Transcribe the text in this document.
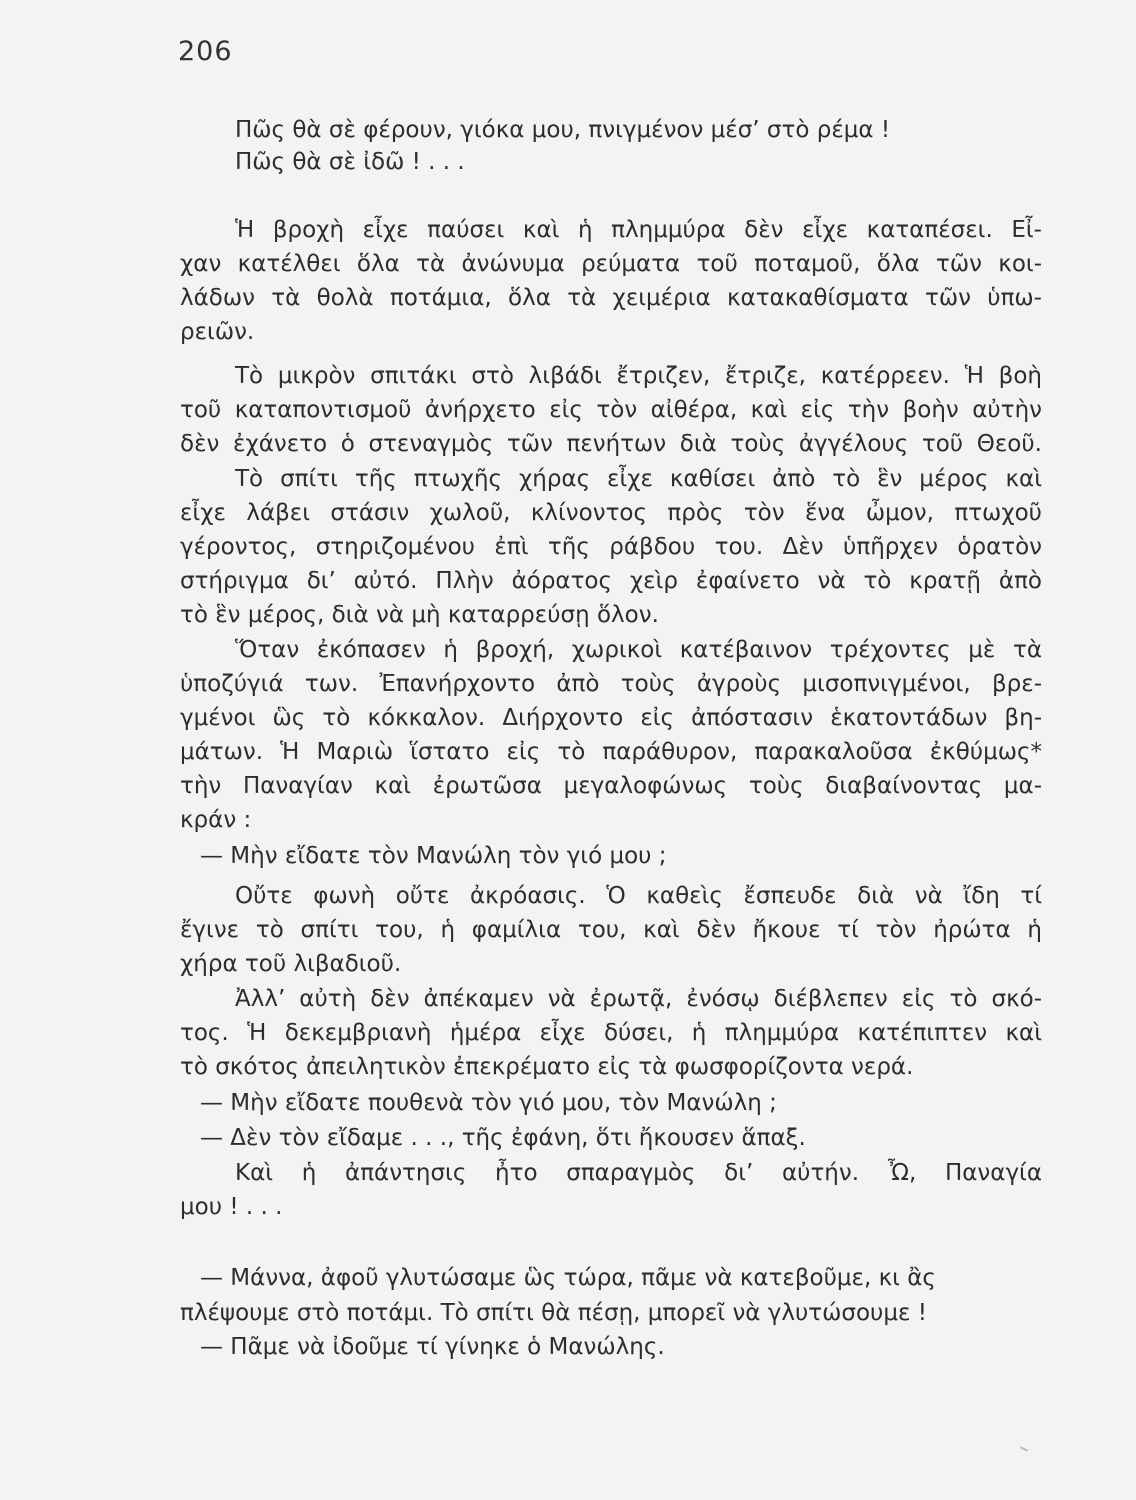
206
Πῶς θὰ σὲ φέρουν, γιόκα μου, πνιγμένον μέσ’ στὸ ρέμα !
Πῶς θὰ σὲ ἰδῶ ! . . .
Ἡ βροχὴ εἶχε παύσει καὶ ἡ πλημμύρα δὲν εἶχε καταπέσει. Εἶ-
χαν κατέλθει ὅλα τὰ ἀνώνυμα ρεύματα τοῦ ποταμοῦ, ὅλα τῶν κοι-
λάδων τὰ θολὰ ποτάμια, ὅλα τὰ χειμέρια κατακαθίσματα τῶν ὑπω-
ρειῶν.
Τὸ μικρὸν σπιτάκι στὸ λιβάδι ἔτριζεν, ἔτριζε, κατέρρεεν. Ἡ βοὴ
τοῦ καταποντισμοῦ ἀνήρχετο εἰς τὸν αἰθέρα, καὶ εἰς τὴν βοὴν αὐτὴν
δὲν ἐχάνετο ὁ στεναγμὸς τῶν πενήτων διὰ τοὺς ἀγγέλους τοῦ Θεοῦ.
Τὸ σπίτι τῆς πτωχῆς χήρας εἶχε καθίσει ἀπὸ τὸ ἓν μέρος καὶ
εἶχε λάβει στάσιν χωλοῦ, κλίνοντος πρὸς τὸν ἕνα ὦμον, πτωχοῦ
γέροντος, στηριζομένου ἐπὶ τῆς ράβδου του. Δὲν ὑπῆρχεν ὁρατὸν
στήριγμα δι’ αὐτό. Πλὴν ἀόρατος χεὶρ ἐφαίνετο νὰ τὸ κρατῇ ἀπὸ
τὸ ἓν μέρος, διὰ νὰ μὴ καταρρεύσῃ ὅλον.
Ὅταν ἐκόπασεν ἡ βροχή, χωρικοὶ κατέβαινον τρέχοντες μὲ τὰ
ὑποζύγιά των. Ἐπανήρχοντο ἀπὸ τοὺς ἀγροὺς μισοπνιγμένοι, βρε-
γμένοι ὣς τὸ κόκκαλον. Διήρχοντο εἰς ἀπόστασιν ἑκατοντάδων βη-
μάτων. Ἡ Μαριὼ ἵστατο εἰς τὸ παράθυρον, παρακαλοῦσα ἐκθύμως*
τὴν Παναγίαν καὶ ἐρωτῶσα μεγαλοφώνως τοὺς διαβαίνοντας μα-
κράν :
— Μὴν εἴδατε τὸν Μανώλη τὸν γιό μου ;
Οὔτε φωνὴ οὔτε ἀκρόασις. Ὁ καθεὶς ἔσπευδε διὰ νὰ ἴδη τί
ἔγινε τὸ σπίτι του, ἡ φαμίλια του, καὶ δὲν ἤκουε τί τὸν ἠρώτα ἡ
χήρα τοῦ λιβαδιοῦ.
Ἀλλ’ αὐτὴ δὲν ἀπέκαμεν νὰ ἐρωτᾷ, ἐνόσῳ διέβλεπεν εἰς τὸ σκό-
τος. Ἡ δεκεμβριανὴ ἡμέρα εἶχε δύσει, ἡ πλημμύρα κατέπιπτεν καὶ
τὸ σκότος ἀπειλητικὸν ἐπεκρέματο εἰς τὰ φωσφορίζοντα νερά.
— Μὴν εἴδατε πουθενὰ τὸν γιό μου, τὸν Μανώλη ;
— Δὲν τὸν εἴδαμε . . ., τῆς ἐφάνη, ὅτι ἤκουσεν ἅπαξ.
Καὶ ἡ ἀπάντησις ἦτο σπαραγμὸς δι’ αὐτήν. Ὦ, Παναγία
μου ! . . .
— Μάννα, ἀφοῦ γλυτώσαμε ὣς τώρα, πᾶμε νὰ κατεβοῦμε, κι ἂς
πλέψουμε στὸ ποτάμι. Τὸ σπίτι θὰ πέσῃ, μπορεῖ νὰ γλυτώσουμε !
— Πᾶμε νὰ ἰδοῦμε τί γίνηκε ὁ Μανώλης.
